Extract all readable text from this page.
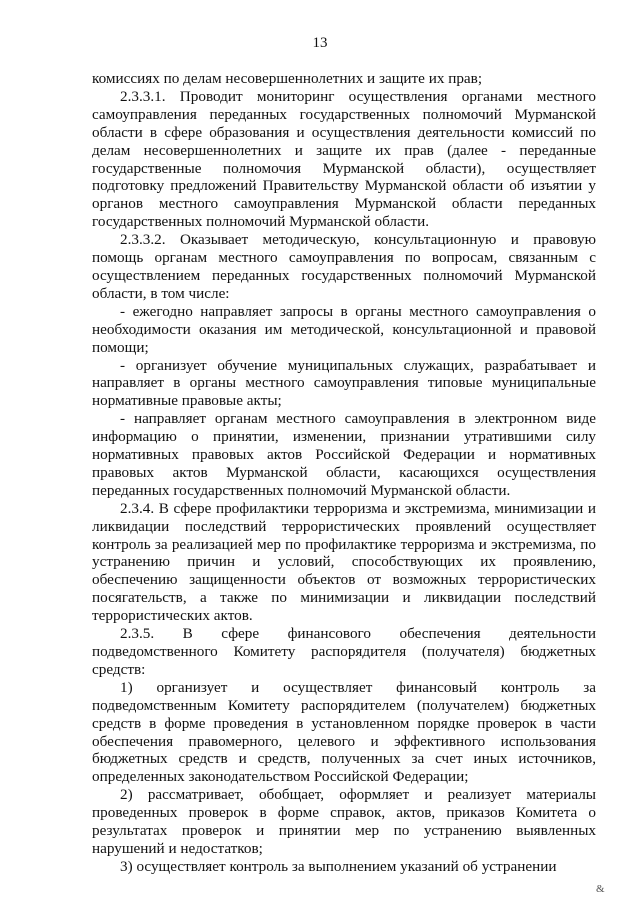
13

комиссиях по делам несовершеннолетних и защите их прав;

2.3.3.1. Проводит мониторинг осуществления органами местного самоуправления переданных государственных полномочий Мурманской области в сфере образования и осуществления деятельности комиссий по делам несовершеннолетних и защите их прав (далее - переданные государственные полномочия Мурманской области), осуществляет подготовку предложений Правительству Мурманской области об изъятии у органов местного самоуправления Мурманской области переданных государственных полномочий Мурманской области.

2.3.3.2. Оказывает методическую, консультационную и правовую помощь органам местного самоуправления по вопросам, связанным с осуществлением переданных государственных полномочий Мурманской области, в том числе:

- ежегодно направляет запросы в органы местного самоуправления о необходимости оказания им методической, консультационной и правовой помощи;

- организует обучение муниципальных служащих, разрабатывает и направляет в органы местного самоуправления типовые муниципальные нормативные правовые акты;

- направляет органам местного самоуправления в электронном виде информацию о принятии, изменении, признании утратившими силу нормативных правовых актов Российской Федерации и нормативных правовых актов Мурманской области, касающихся осуществления переданных государственных полномочий Мурманской области.

2.3.4. В сфере профилактики терроризма и экстремизма, минимизации и ликвидации последствий террористических проявлений осуществляет контроль за реализацией мер по профилактике терроризма и экстремизма, по устранению причин и условий, способствующих их проявлению, обеспечению защищенности объектов от возможных террористических посягательств, а также по минимизации и ликвидации последствий террористических актов.

2.3.5. В сфере финансового обеспечения деятельности подведомственного Комитету распорядителя (получателя) бюджетных средств:

1) организует и осуществляет финансовый контроль за подведомственным Комитету распорядителем (получателем) бюджетных средств в форме проведения в установленном порядке проверок в части обеспечения правомерного, целевого и эффективного использования бюджетных средств и средств, полученных за счет иных источников, определенных законодательством Российской Федерации;

2) рассматривает, обобщает, оформляет и реализует материалы проведенных проверок в форме справок, актов, приказов Комитета о результатах проверок и принятии мер по устранению выявленных нарушений и недостатков;

3) осуществляет контроль за выполнением указаний об устранении

&
